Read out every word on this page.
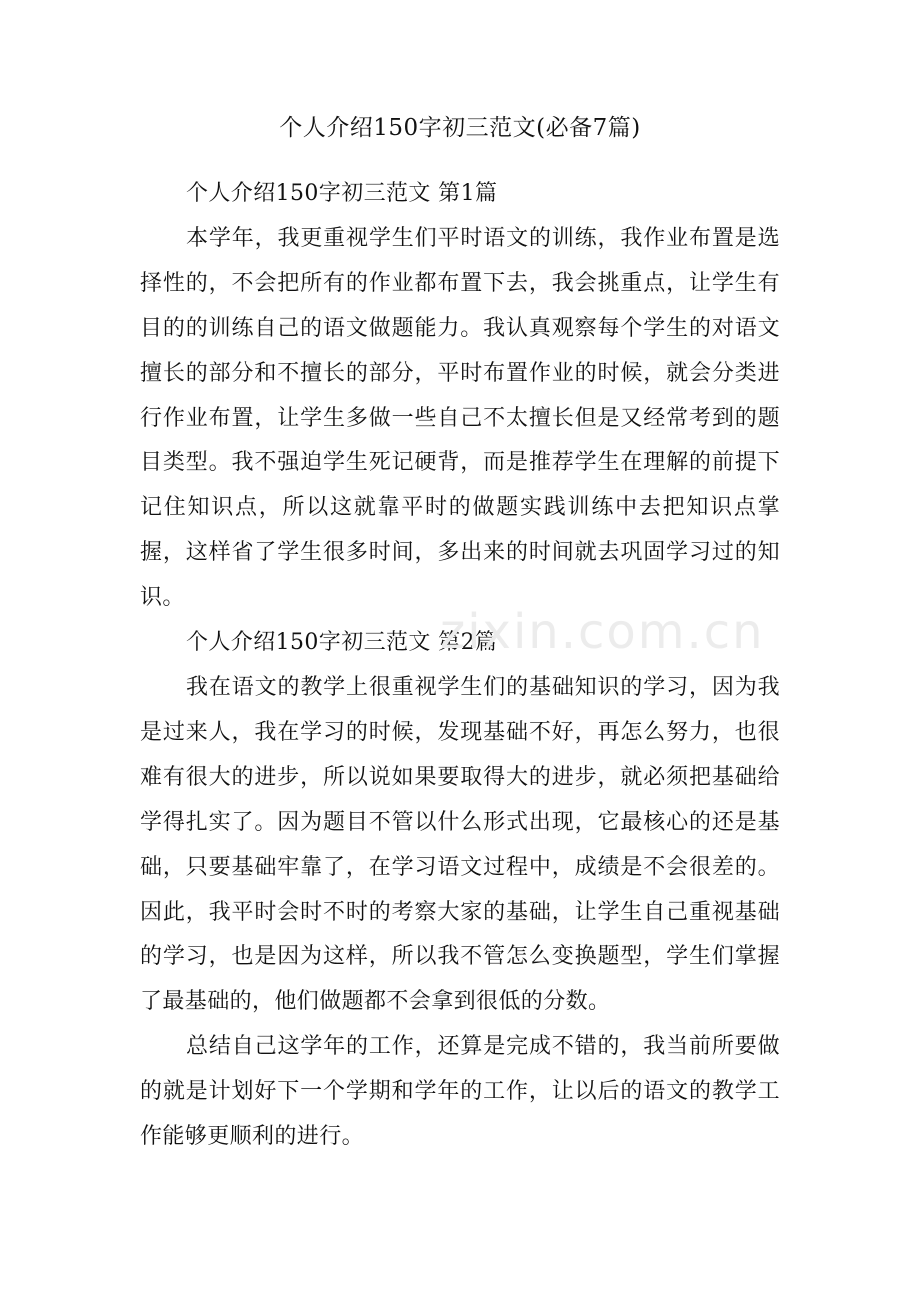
个人介绍150字初三范文(必备7篇)

个人介绍150字初三范文 第1篇

本学年，我更重视学生们平时语文的训练，我作业布置是选择性的，不会把所有的作业都布置下去，我会挑重点，让学生有目的的训练自己的语文做题能力。我认真观察每个学生的对语文擅长的部分和不擅长的部分，平时布置作业的时候，就会分类进行作业布置，让学生多做一些自己不太擅长但是又经常考到的题目类型。我不强迫学生死记硬背，而是推荐学生在理解的前提下记住知识点，所以这就靠平时的做题实践训练中去把知识点掌握，这样省了学生很多时间，多出来的时间就去巩固学习过的知识。

个人介绍150字初三范文 第2篇

我在语文的教学上很重视学生们的基础知识的学习，因为我是过来人，我在学习的时候，发现基础不好，再怎么努力，也很难有很大的进步，所以说如果要取得大的进步，就必须把基础给学得扎实了。因为题目不管以什么形式出现，它最核心的还是基础，只要基础牢靠了，在学习语文过程中，成绩是不会很差的。因此，我平时会时不时的考察大家的基础，让学生自己重视基础的学习，也是因为这样，所以我不管怎么变换题型，学生们掌握了最基础的，他们做题都不会拿到很低的分数。

总结自己这学年的工作，还算是完成不错的，我当前所要做的就是计划好下一个学期和学年的工作，让以后的语文的教学工作能够更顺利的进行。

zixin.com.cn
